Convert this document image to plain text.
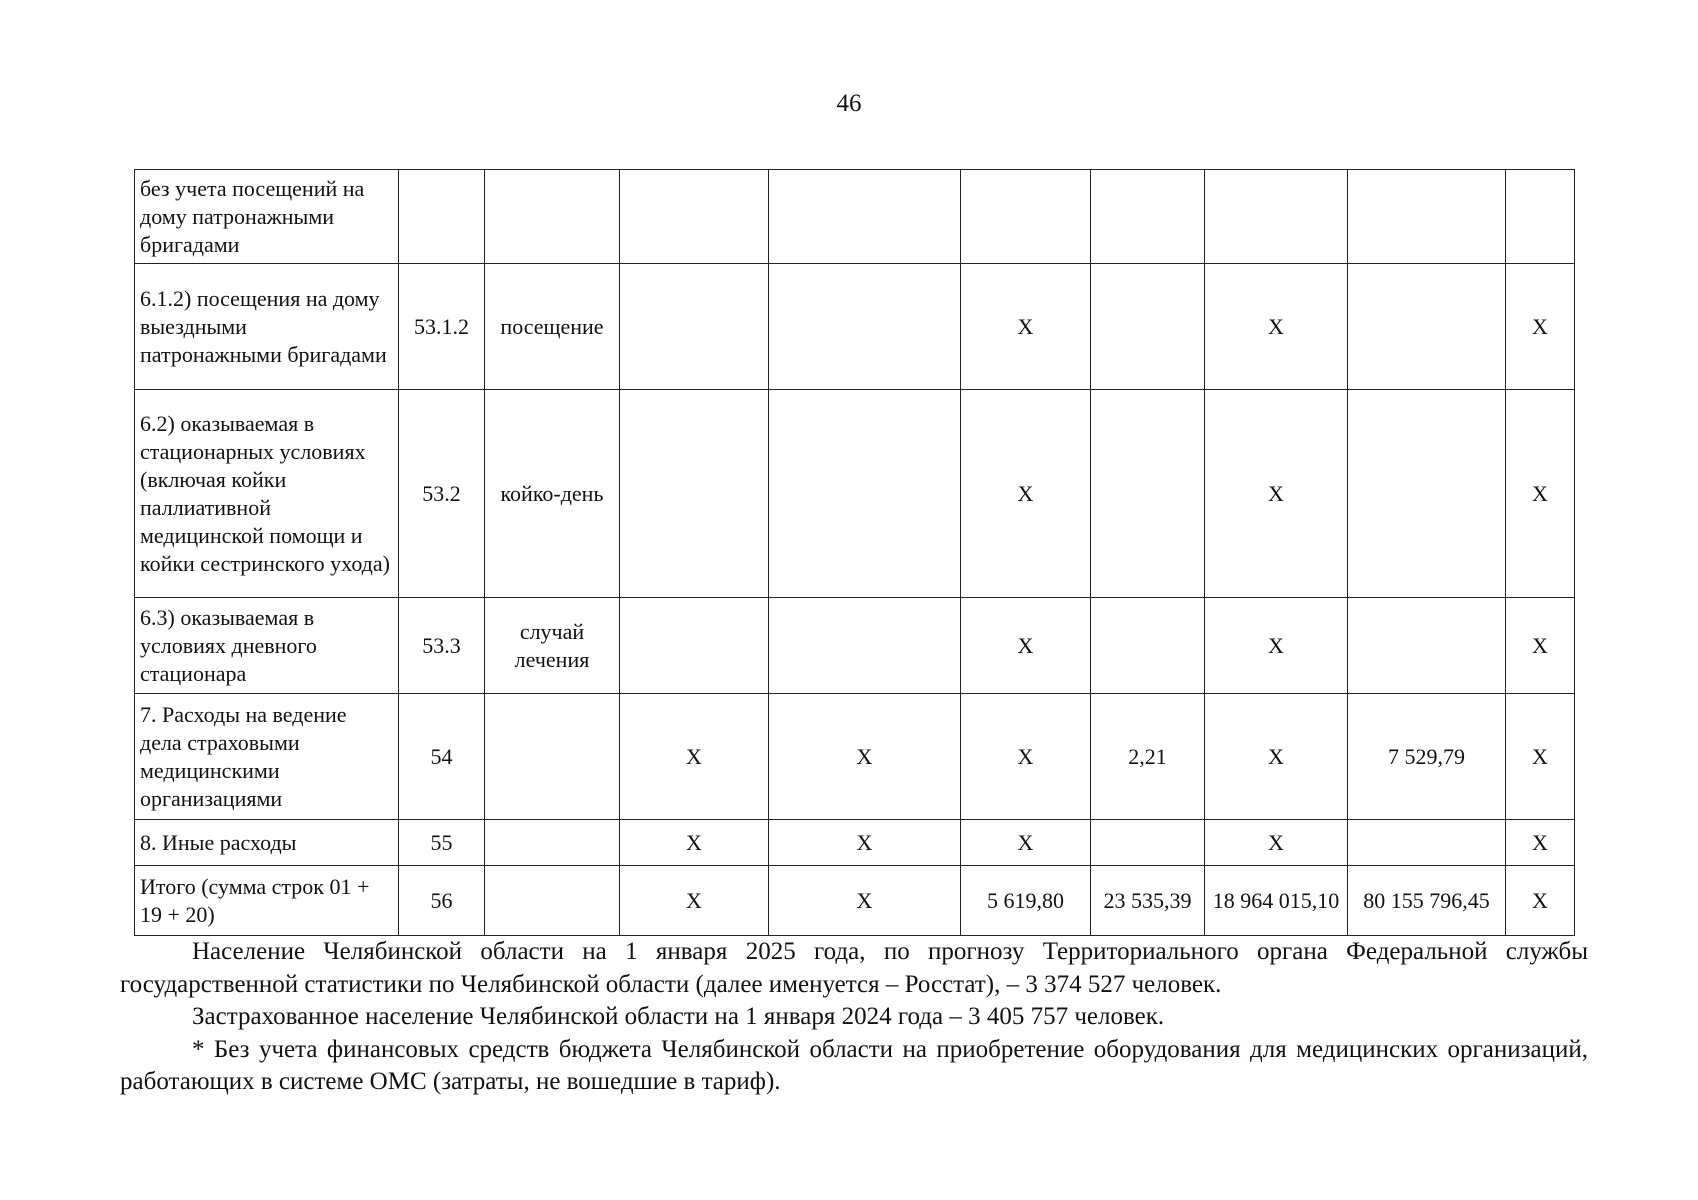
46
без учета посещений на дому патронажными бригадами									
6.1.2) посещения на дому выездными патронажными бригадами	53.1.2	посещение			Х		Х		Х
6.2) оказываемая в стационарных условиях (включая койки паллиативной медицинской помощи и койки сестринского ухода)	53.2	койко-день			Х		Х		Х
6.3) оказываемая в условиях дневного стационара	53.3	случай лечения			Х		Х		Х
7. Расходы на ведение дела страховыми медицинскими организациями	54		Х	Х	Х	2,21	Х	7 529,79	Х
8. Иные расходы	55		Х	Х	Х		Х		Х
Итого (сумма строк 01 + 19 + 20)	56		Х	Х	5 619,80	23 535,39	18 964 015,10	80 155 796,45	Х

Население Челябинской области на 1 января 2025 года, по прогнозу Территориального органа Федеральной службы государственной статистики по Челябинской области (далее именуется – Росстат), – 3 374 527 человек.

Застрахованное население Челябинской области на 1 января 2024 года – 3 405 757 человек.

* Без учета финансовых средств бюджета Челябинской области на приобретение оборудования для медицинских организаций, работающих в системе ОМС (затраты, не вошедшие в тариф).
